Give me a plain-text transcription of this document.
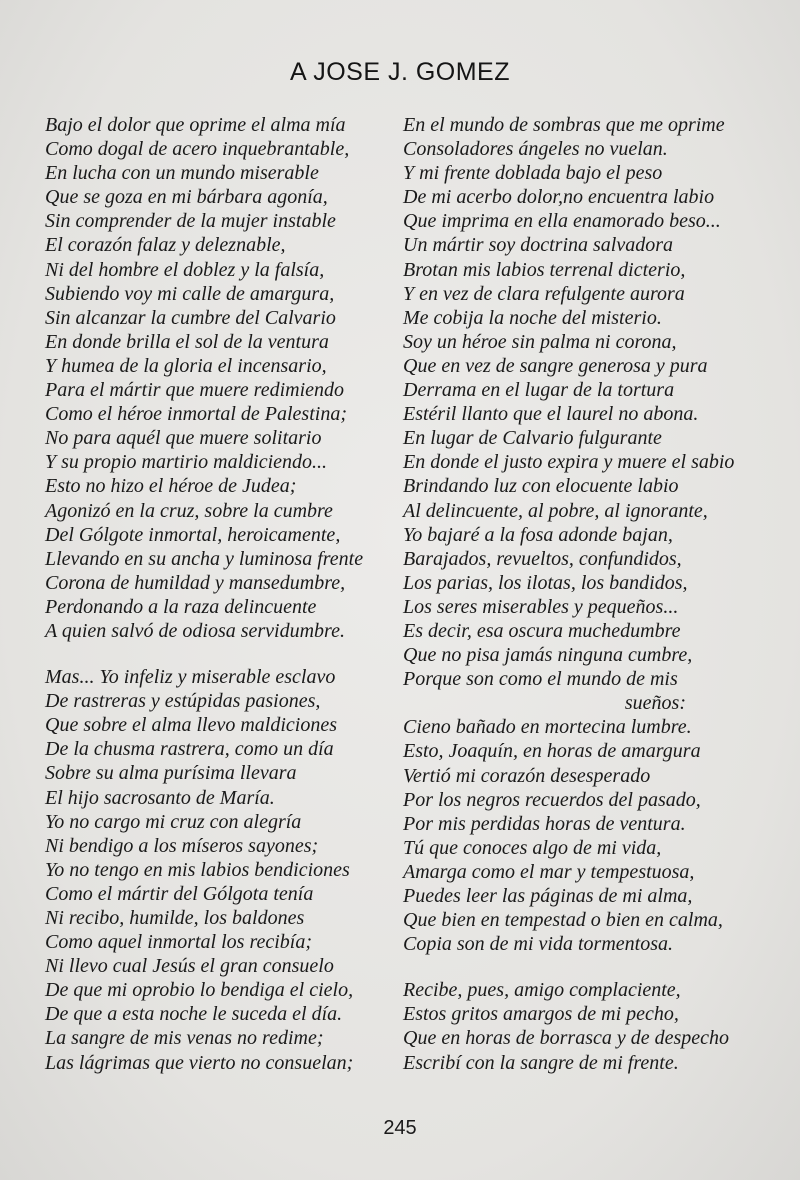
A JOSE J. GOMEZ
Bajo el dolor que oprime el alma mía
Como dogal de acero inquebrantable,
En lucha con un mundo miserable
Que se goza en mi bárbara agonía,
Sin comprender de la mujer instable
El corazón falaz y deleznable,
Ni del hombre el doblez y la falsía,
Subiendo voy mi calle de amargura,
Sin alcanzar la cumbre del Calvario
En donde brilla el sol de la ventura
Y humea de la gloria el incensario,
Para el mártir que muere redimiendo
Como el héroe inmortal de Palestina;
No para aquél que muere solitario
Y su propio martirio maldiciendo...
Esto no hizo el héroe de Judea;
Agonizó en la cruz, sobre la cumbre
Del Gólgote inmortal, heroicamente,
Llevando en su ancha y luminosa frente
Corona de humildad y mansedumbre,
Perdonando a la raza delincuente
A quien salvó de odiosa servidumbre.
Mas... Yo infeliz y miserable esclavo
De rastreras y estúpidas pasiones,
Que sobre el alma llevo maldiciones
De la chusma rastrera, como un día
Sobre su alma purísima llevara
El hijo sacrosanto de María.
Yo no cargo mi cruz con alegría
Ni bendigo a los míseros sayones;
Yo no tengo en mis labios bendiciones
Como el mártir del Gólgota tenía
Ni recibo, humilde, los baldones
Como aquel inmortal los recibía;
Ni llevo cual Jesús el gran consuelo
De que mi oprobio lo bendiga el cielo,
De que a esta noche le suceda el día.
La sangre de mis venas no redime;
Las lágrimas que vierto no consuelan;
En el mundo de sombras que me oprime
Consoladores ángeles no vuelan.
Y mi frente doblada bajo el peso
De mi acerbo dolor,no encuentra labio
Que imprima en ella enamorado beso...
Un mártir soy doctrina salvadora
Brotan mis labios terrenal dicterio,
Y en vez de clara refulgente aurora
Me cobija la noche del misterio.
Soy un héroe sin palma ni corona,
Que en vez de sangre generosa y pura
Derrama en el lugar de la tortura
Estéril llanto que el laurel no abona.
En lugar de Calvario fulgurante
En donde el justo expira y muere el sabio
Brindando luz con elocuente labio
Al delincuente, al pobre, al ignorante,
Yo bajaré a la fosa adonde bajan,
Barajados, revueltos, confundidos,
Los parias, los ilotas, los bandidos,
Los seres miserables y pequeños...
Es decir, esa oscura muchedumbre
Que no pisa jamás ninguna cumbre,
Porque son como el mundo de mis
sueños:
Cieno bañado en mortecina lumbre.
Esto, Joaquín, en horas de amargura
Vertió mi corazón desesperado
Por los negros recuerdos del pasado,
Por mis perdidas horas de ventura.
Tú que conoces algo de mi vida,
Amarga como el mar y tempestuosa,
Puedes leer las páginas de mi alma,
Que bien en tempestad o bien en calma,
Copia son de mi vida tormentosa.
Recibe, pues, amigo complaciente,
Estos gritos amargos de mi pecho,
Que en horas de borrasca y de despecho
Escribí con la sangre de mi frente.
245
